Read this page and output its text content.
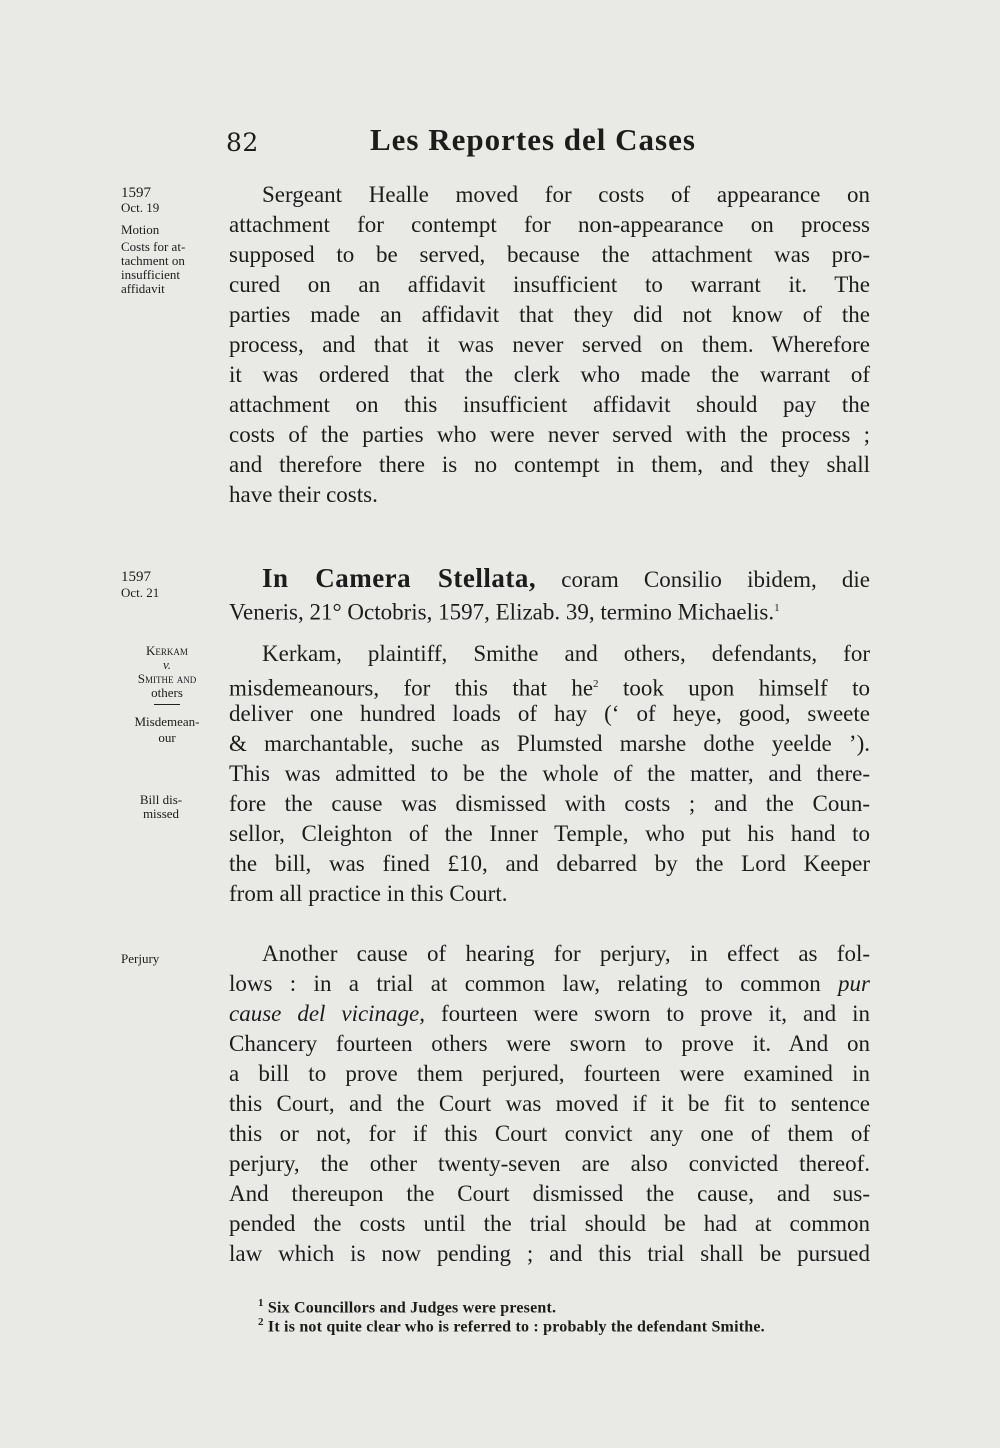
82	Les Reportes del Cases
1597
Oct. 19
Motion
Costs for at-
tachment on
insufficient
affidavit
1597
Oct. 21
Kerkam
v.
Smithe and
others
Misdemean-
our
Bill dis-
missed
Perjury
Sergeant Healle moved for costs of appearance on
attachment for contempt for non-appearance on process
supposed to be served, because the attachment was pro-
cured on an affidavit insufficient to warrant it. The
parties made an affidavit that they did not know of the
process, and that it was never served on them. Wherefore
it was ordered that the clerk who made the warrant of
attachment on this insufficient affidavit should pay the
costs of the parties who were never served with the process ;
and therefore there is no contempt in them, and they shall
have their costs.
In Camera Stellata, coram Consilio ibidem, die
Veneris, 21° Octobris, 1597, Elizab. 39, termino Michaelis.$^1$
Kerkam, plaintiff, Smithe and others, defendants, for
misdemeanours, for this that $he^2$ took upon himself to
deliver one hundred loads of hay (‘ of heye, good, sweete
& marchantable, suche as Plumsted marshe dothe yeelde ’).
This was admitted to be the whole of the matter, and there-
fore the cause was dismissed with costs ; and the Coun-
sellor, Cleighton of the Inner Temple, who put his hand to
the bill, was fined £10, and debarred by the Lord Keeper
from all practice in this Court.
Another cause of hearing for perjury, in effect as fol-
lows : in a trial at common law, relating to common pur
cause del vicinage, fourteen were sworn to prove it, and in
Chancery fourteen others were sworn to prove it. And on
a bill to prove them perjured, fourteen were examined in
this Court, and the Court was moved if it be fit to sentence
this or not, for if this Court convict any one of them of
perjury, the other twenty-seven are also convicted thereof.
And thereupon the Court dismissed the cause, and sus-
pended the costs until the trial should be had at common
law which is now pending ; and this trial shall be pursued
$^1$ Six Councillors and Judges were present.
$^2$ It is not quite clear who is referred to : probably the defendant Smithe.
